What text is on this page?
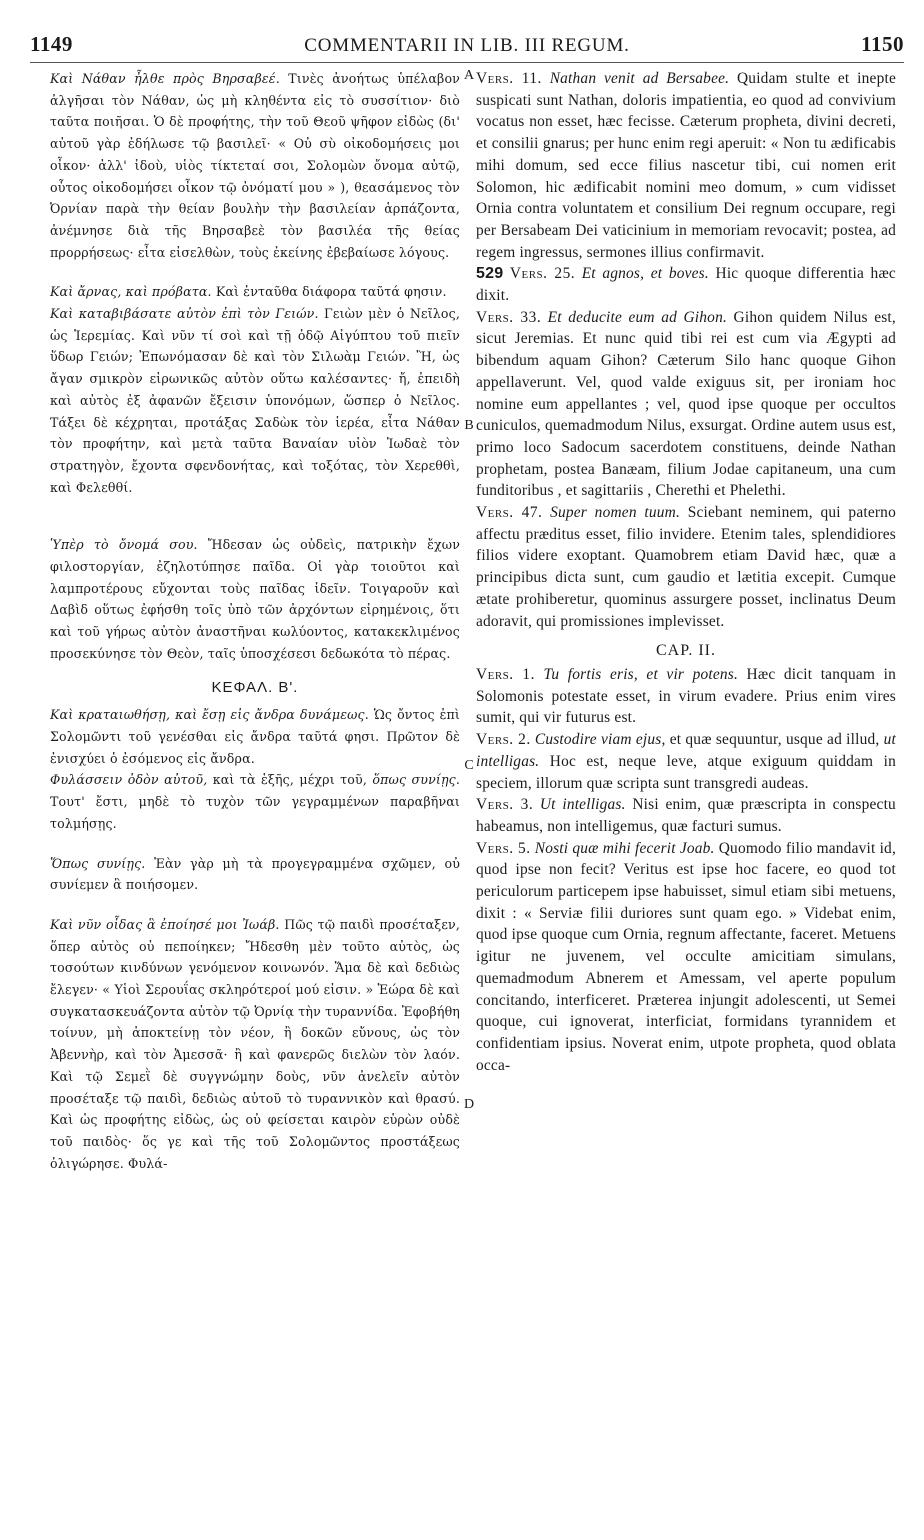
1149	COMMENTARII IN LIB. III REGUM.	1150
A
B
C
D

Καὶ Νάθαν ἦλθε πρὸς Βηρσαβεέ. Τινὲς ἀνοήτως ὑπέλαβον ἀλγῆσαι τὸν Νάθαν, ὡς μὴ κληθέντα εἰς τὸ συσσίτιον· διὸ ταῦτα ποιῆσαι. Ὁ δὲ προφήτης, τὴν τοῦ Θεοῦ ψῆφον εἰδὼς (δι' αὐτοῦ γὰρ ἐδήλωσε τῷ βασιλεῖ· « Οὐ σὺ οἰκοδομήσεις μοι οἶκον· ἀλλ' ἰδοὺ, υἱὸς τίκτεταί σοι, Σολομὼν ὄνομα αὐτῷ, οὗτος οἰκοδομήσει οἶκον τῷ ὀνόματί μου » ), θεασάμενος τὸν Ὀρνίαν παρὰ τὴν θείαν βουλὴν τὴν βασιλείαν ἁρπάζοντα, ἀνέμνησε διὰ τῆς Βηρσαβεὲ τὸν βασιλέα τῆς θείας προρρήσεως· εἶτα εἰσελθὼν, τοὺς ἐκείνης ἐβεβαίωσε λόγους.

Καὶ ἄρνας, καὶ πρόβατα. Καὶ ἐνταῦθα διάφορα ταῦτά φησιν.

Καὶ καταβιβάσατε αὐτὸν ἐπὶ τὸν Γειών. Γειὼν μὲν ὁ Νεῖλος, ὡς Ἱερεμίας. Καὶ νῦν τί σοὶ καὶ τῇ ὁδῷ Αἰγύπτου τοῦ πιεῖν ὕδωρ Γειών; Ἐπωνόμασαν δὲ καὶ τὸν Σιλωὰμ Γειών. Ἢ, ὡς ἄγαν σμικρὸν εἰρωνικῶς αὐτὸν οὕτω καλέσαντες· ἤ, ἐπειδὴ καὶ αὐτὸς ἐξ ἀφανῶν ἔξεισιν ὑπονόμων, ὥσπερ ὁ Νεῖλος. Τάξει δὲ κέχρηται, προτάξας Σαδὼκ τὸν ἱερέα, εἶτα Νάθαν τὸν προφήτην, καὶ μετὰ ταῦτα Βαναίαν υἱὸν Ἰωδαὲ τὸν στρατηγὸν, ἔχοντα σφενδονήτας, καὶ τοξότας, τὸν Χερεθθὶ, καὶ Φελεθθί.

Ὑπὲρ τὸ ὄνομά σου. Ἤδεσαν ὡς οὐδεὶς, πατρικὴν ἔχων φιλοστοργίαν, ἐζηλοτύπησε παῖδα. Οἱ γὰρ τοιοῦτοι καὶ λαμπροτέρους εὔχονται τοὺς παῖδας ἰδεῖν. Τοιγαροῦν καὶ Δαβὶδ οὕτως ἐφήσθη τοῖς ὑπὸ τῶν ἀρχόντων εἰρημένοις, ὅτι καὶ τοῦ γήρως αὐτὸν ἀναστῆναι κωλύοντος, κατακεκλιμένος προσεκύνησε τὸν Θεὸν, ταῖς ὑποσχέσεσι δεδωκότα τὸ πέρας.

ΚΕΦΑΛ. Β'.

Καὶ κραταιωθήσῃ, καὶ ἔσῃ εἰς ἄνδρα δυνάμεως. Ὡς ὄντος ἐπὶ Σολομῶντι τοῦ γενέσθαι εἰς ἄνδρα ταῦτά φησι. Πρῶτον δὲ ἐνισχύει ὁ ἐσόμενος εἰς ἄνδρα.

Φυλάσσειν ὁδὸν αὐτοῦ, καὶ τὰ ἑξῆς, μέχρι τοῦ, ὅπως συνίῃς. Τουτ' ἔστι, μηδὲ τὸ τυχὸν τῶν γεγραμμένων παραβῆναι τολμήσῃς.

Ὅπως συνίῃς. Ἐὰν γὰρ μὴ τὰ προγεγραμμένα σχῶμεν, οὐ συνίεμεν ἃ ποιήσομεν.

Καὶ νῦν οἶδας ἃ ἐποίησέ μοι Ἰωάβ. Πῶς τῷ παιδὶ προσέταξεν, ὅπερ αὐτὸς οὐ πεποίηκεν; Ἤδεσθη μὲν τοῦτο αὐτὸς, ὡς τοσούτων κινδύνων γενόμενον κοινωνόν. Ἅμα δὲ καὶ δεδιὼς ἔλεγεν· « Υἱοὶ Σερουΐας σκληρότεροί μού εἰσιν. » Ἑώρα δὲ καὶ συγκατασκευάζοντα αὐτὸν τῷ Ὀρνίᾳ τὴν τυραννίδα. Ἐφοβήθη τοίνυν, μὴ ἀποκτείνῃ τὸν νέον, ἢ δοκῶν εὔνους, ὡς τὸν Ἀβεννὴρ, καὶ τὸν Ἀμεσσᾶ· ἢ καὶ φανερῶς διελὼν τὸν λαόν. Καὶ τῷ Σεμεῒ δὲ συγγνώμην δοὺς, νῦν ἀνελεῖν αὐτὸν προσέταξε τῷ παιδὶ, δεδιὼς αὐτοῦ τὸ τυραννικὸν καὶ θρασύ. Καὶ ὡς προφήτης εἰδὼς, ὡς οὐ φείσεται καιρὸν εὑρὼν οὐδὲ τοῦ παιδὸς· ὅς γε καὶ τῆς τοῦ Σολομῶντος προστάξεως ὀλιγώρησε. Φυλά-

Vers. 11. Nathan venit ad Bersabee. Quidam stulte et inepte suspicati sunt Nathan, doloris impatientia, eo quod ad convivium vocatus non esset, hæc fecisse. Cæterum propheta, divini decreti, et consilii gnarus; per hunc enim regi aperuit: « Non tu ædificabis mihi domum, sed ecce filius nascetur tibi, cui nomen erit Solomon, hic ædificabit nomini meo domum, » cum vidisset Ornia contra voluntatem et consilium Dei regnum occupare, regi per Bersabeam Dei vaticinium in memoriam revocavit; postea, ad regem ingressus, sermones illius confirmavit.

529 Vers. 25. Et agnos, et boves. Hic quoque differentia hæc dixit.

Vers. 33. Et deducite eum ad Gihon. Gihon quidem Nilus est, sicut Jeremias. Et nunc quid tibi rei est cum via Ægypti ad bibendum aquam Gihon? Cæterum Silo hanc quoque Gihon appellaverunt. Vel, quod valde exiguus sit, per ironiam hoc nomine eum appellantes ; vel, quod ipse quoque per occultos cuniculos, quemadmodum Nilus, exsurgat. Ordine autem usus est, primo loco Sadocum sacerdotem constituens, deinde Nathan prophetam, postea Banæam, filium Jodae capitaneum, una cum funditoribus , et sagittariis , Cherethi et Phelethi.

Vers. 47. Super nomen tuum. Sciebant neminem, qui paterno affectu præditus esset, filio invidere. Etenim tales, splendidiores filios videre exoptant. Quamobrem etiam David hæc, quæ a principibus dicta sunt, cum gaudio et lætitia excepit. Cumque ætate prohiberetur, quominus assurgere posset, inclinatus Deum adoravit, qui promissiones implevisset.

CAP. II.

Vers. 1. Tu fortis eris, et vir potens. Hæc dicit tanquam in Solomonis potestate esset, in virum evadere. Prius enim vires sumit, qui vir futurus est.

Vers. 2. Custodire viam ejus, et quæ sequuntur, usque ad illud, ut intelligas. Hoc est, neque leve, atque exiguum quiddam in speciem, illorum quæ scripta sunt transgredi audeas.

Vers. 3. Ut intelligas. Nisi enim, quæ præscripta in conspectu habeamus, non intelligemus, quæ facturi sumus.

Vers. 5. Nosti quæ mihi fecerit Joab. Quomodo filio mandavit id, quod ipse non fecit? Veritus est ipse hoc facere, eo quod tot periculorum particepem ipse habuisset, simul etiam sibi metuens, dixit : « Serviæ filii duriores sunt quam ego. » Videbat enim, quod ipse quoque cum Ornia, regnum affectante, faceret. Metuens igitur ne juvenem, vel occulte amicitiam simulans, quemadmodum Abnerem et Amessam, vel aperte populum concitando, interficeret. Præterea injungit adolescenti, ut Semei quoque, cui ignoverat, interficiat, formidans tyrannidem et confidentiam ipsius. Noverat enim, utpote propheta, quod oblata occa-
